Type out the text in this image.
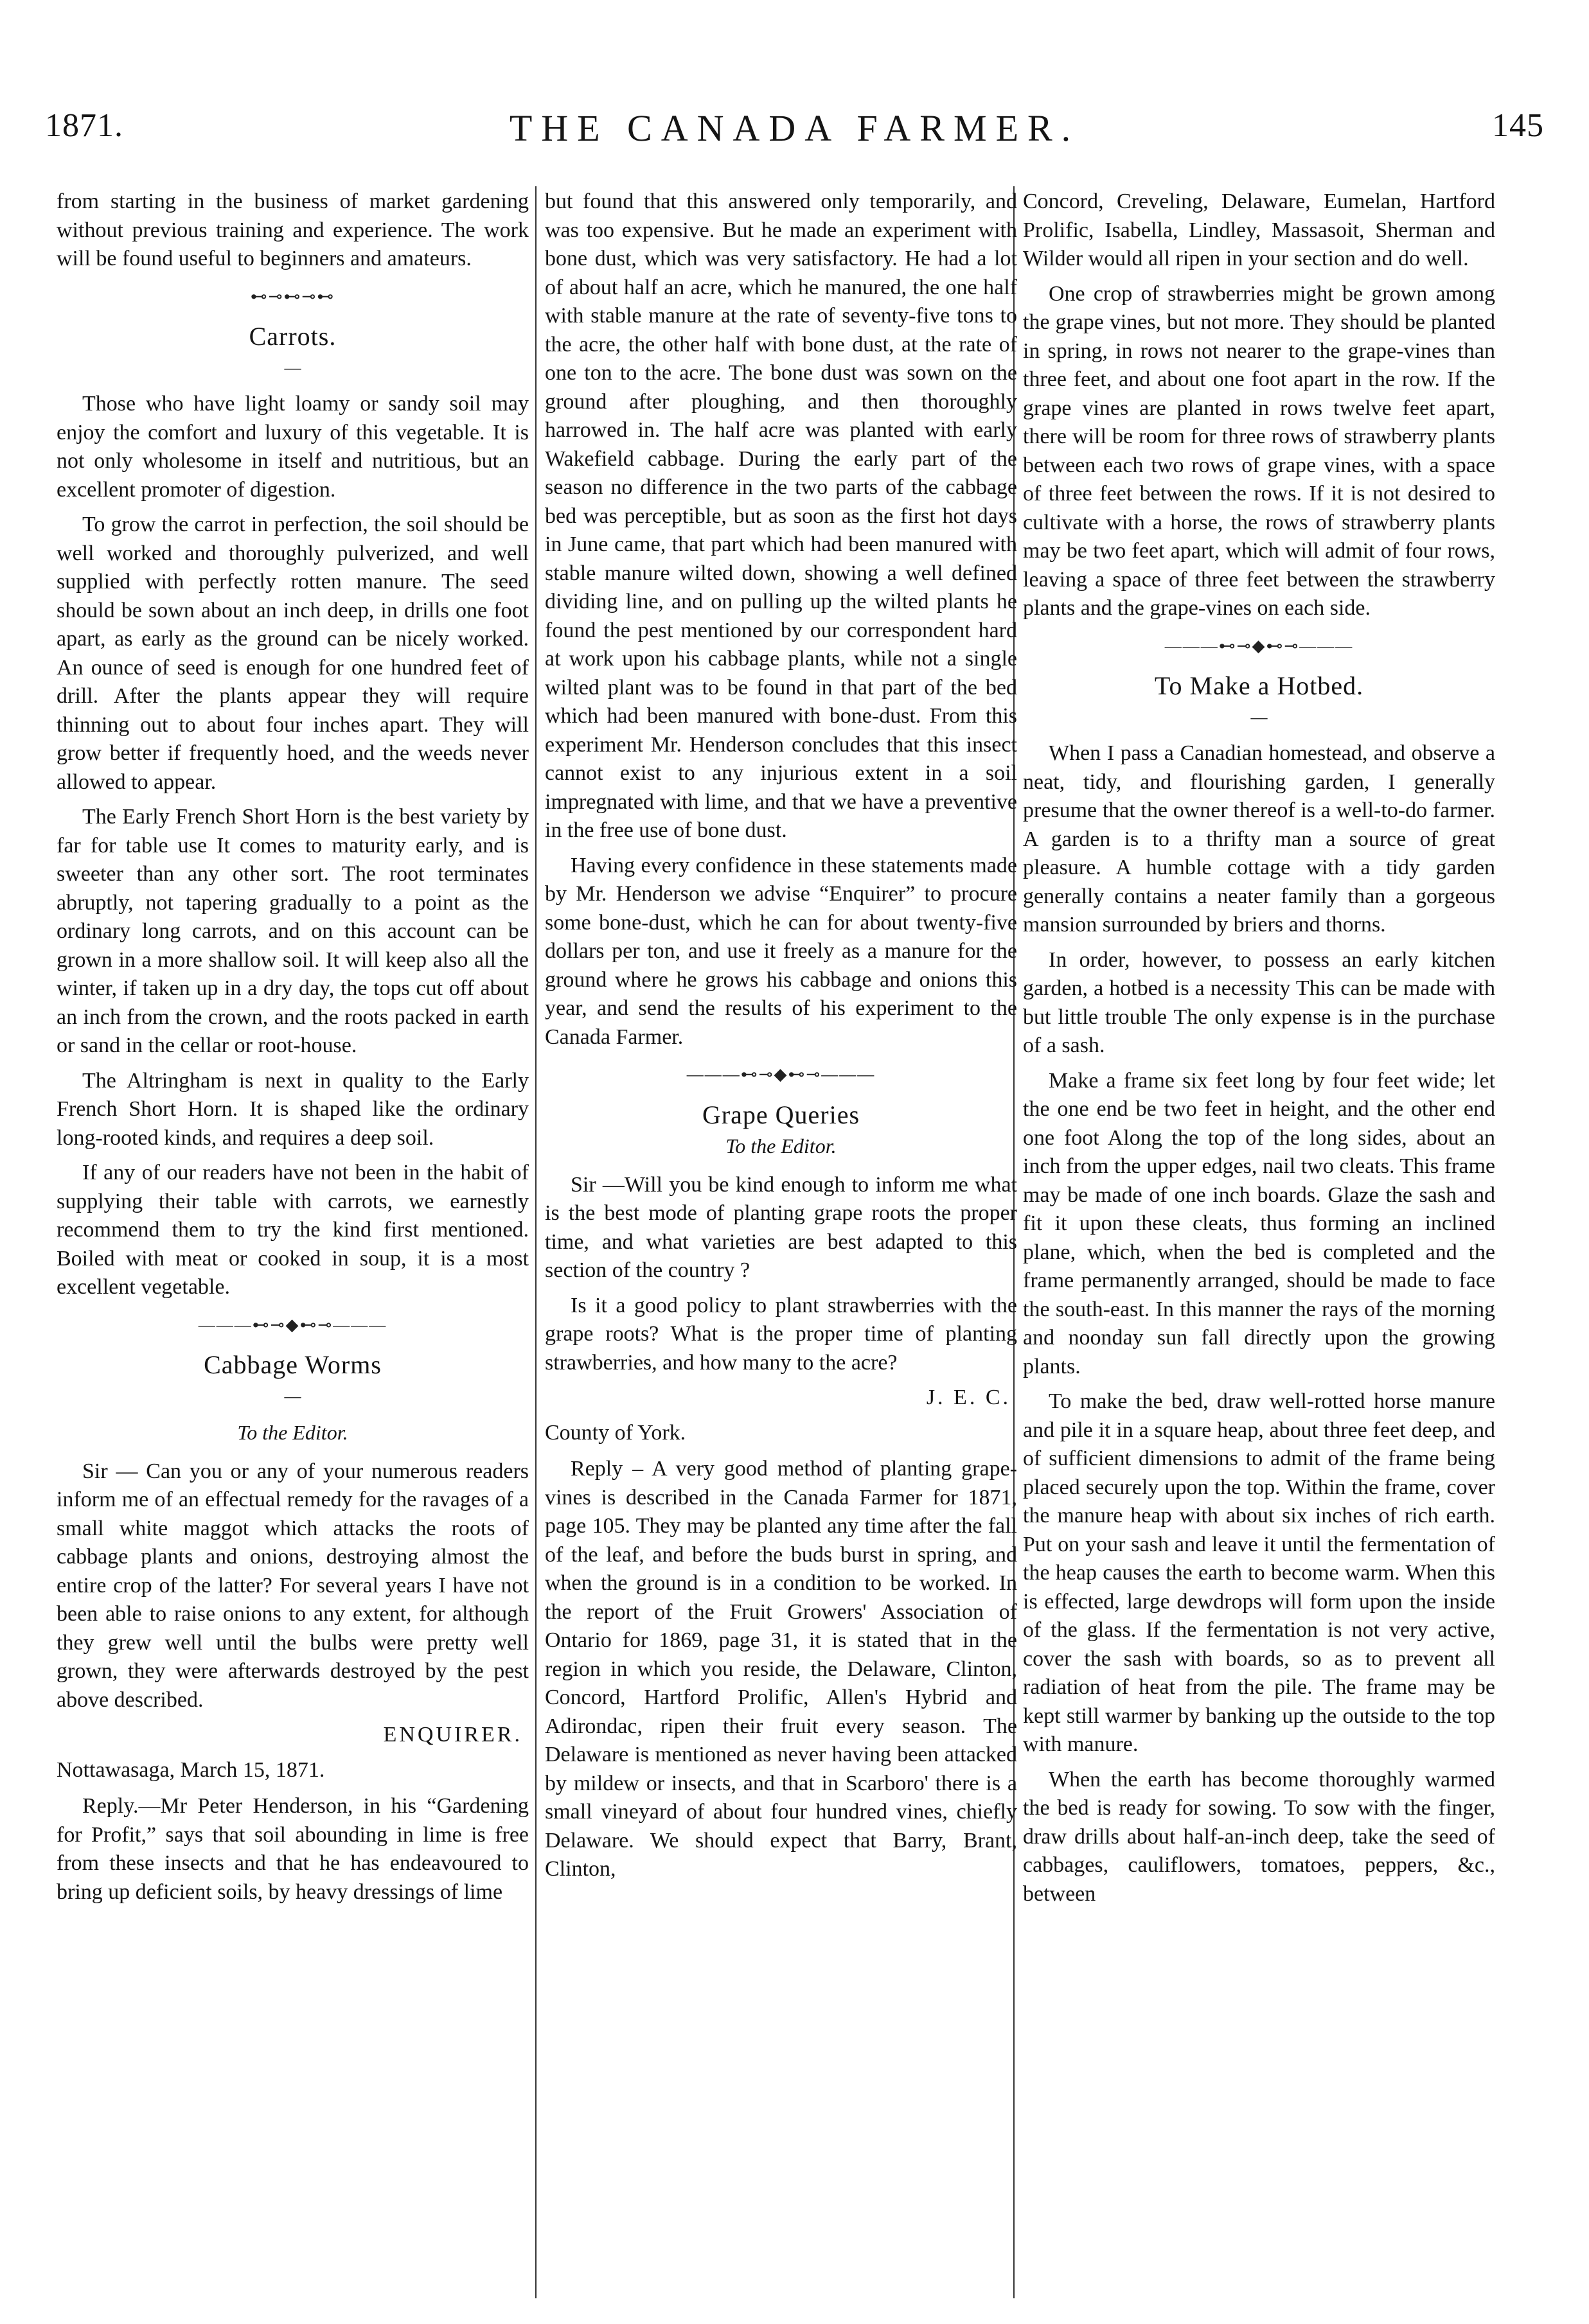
1871.	THE CANADA FARMER.	145

from starting in the business of market gardening without previous training and experience. The work will be found useful to beginners and amateurs.

⊷⊸⊷⊸⊷
Carrots.
—

Those who have light loamy or sandy soil may enjoy the comfort and luxury of this vegetable. It is not only wholesome in itself and nutritious, but an excellent promoter of digestion.

To grow the carrot in perfection, the soil should be well worked and thoroughly pulverized, and well supplied with perfectly rotten manure. The seed should be sown about an inch deep, in drills one foot apart, as early as the ground can be nicely worked. An ounce of seed is enough for one hundred feet of drill. After the plants appear they will require thinning out to about four inches apart. They will grow better if frequently hoed, and the weeds never allowed to appear.

The Early French Short Horn is the best variety by far for table use It comes to maturity early, and is sweeter than any other sort. The root terminates abruptly, not tapering gradually to a point as the ordinary long carrots, and on this account can be grown in a more shallow soil. It will keep also all the winter, if taken up in a dry day, the tops cut off about an inch from the crown, and the roots packed in earth or sand in the cellar or root-house.

The Altringham is next in quality to the Early French Short Horn. It is shaped like the ordinary long-rooted kinds, and requires a deep soil.

If any of our readers have not been in the habit of supplying their table with carrots, we earnestly recommend them to try the kind first mentioned. Boiled with meat or cooked in soup, it is a most excellent vegetable.

———⊷⊸◆⊷⊸———
Cabbage Worms
—
To the Editor.

Sir — Can you or any of your numerous readers inform me of an effectual remedy for the ravages of a small white maggot which attacks the roots of cabbage plants and onions, destroying almost the entire crop of the latter? For several years I have not been able to raise onions to any extent, for although they grew well until the bulbs were pretty well grown, they were afterwards destroyed by the pest above described.

ENQUIRER.
Nottawasaga, March 15, 1871.

Reply.—Mr Peter Henderson, in his “Gardening for Profit,” says that soil abounding in lime is free from these insects and that he has endeavoured to bring up deficient soils, by heavy dressings of lime

but found that this answered only temporarily, and was too expensive. But he made an experiment with bone dust, which was very satisfactory. He had a lot of about half an acre, which he manured, the one half with stable manure at the rate of seventy-five tons to the acre, the other half with bone dust, at the rate of one ton to the acre. The bone dust was sown on the ground after ploughing, and then thoroughly harrowed in. The half acre was planted with early Wakefield cabbage. During the early part of the season no difference in the two parts of the cabbage bed was perceptible, but as soon as the first hot days in June came, that part which had been manured with stable manure wilted down, showing a well defined dividing line, and on pulling up the wilted plants he found the pest mentioned by our correspondent hard at work upon his cabbage plants, while not a single wilted plant was to be found in that part of the bed which had been manured with bone-dust. From this experiment Mr. Henderson concludes that this insect cannot exist to any injurious extent in a soil impregnated with lime, and that we have a preventive in the free use of bone dust.

Having every confidence in these statements made by Mr. Henderson we advise “Enquirer” to procure some bone-dust, which he can for about twenty-five dollars per ton, and use it freely as a manure for the ground where he grows his cabbage and onions this year, and send the results of his experiment to the Canada Farmer.

———⊷⊸◆⊷⊸———
Grape Queries
To the Editor.

Sir —Will you be kind enough to inform me what is the best mode of planting grape roots the proper time, and what varieties are best adapted to this section of the country ?

Is it a good policy to plant strawberries with the grape roots? What is the proper time of planting strawberries, and how many to the acre?

J. E. C.
County of York.

Reply – A very good method of planting grape-vines is described in the Canada Farmer for 1871, page 105. They may be planted any time after the fall of the leaf, and before the buds burst in spring, and when the ground is in a condition to be worked. In the report of the Fruit Growers' Association of Ontario for 1869, page 31, it is stated that in the region in which you reside, the Delaware, Clinton, Concord, Hartford Prolific, Allen's Hybrid and Adirondac, ripen their fruit every season. The Delaware is mentioned as never having been attacked by mildew or insects, and that in Scarboro' there is a small vineyard of about four hundred vines, chiefly Delaware. We should expect that Barry, Brant, Clinton,

Concord, Creveling, Delaware, Eumelan, Hartford Prolific, Isabella, Lindley, Massasoit, Sherman and Wilder would all ripen in your section and do well.

One crop of strawberries might be grown among the grape vines, but not more. They should be planted in spring, in rows not nearer to the grape-vines than three feet, and about one foot apart in the row. If the grape vines are planted in rows twelve feet apart, there will be room for three rows of strawberry plants between each two rows of grape vines, with a space of three feet between the rows. If it is not desired to cultivate with a horse, the rows of strawberry plants may be two feet apart, which will admit of four rows, leaving a space of three feet between the strawberry plants and the grape-vines on each side.

———⊷⊸◆⊷⊸———
To Make a Hotbed.
—

When I pass a Canadian homestead, and observe a neat, tidy, and flourishing garden, I generally presume that the owner thereof is a well-to-do farmer. A garden is to a thrifty man a source of great pleasure. A humble cottage with a tidy garden generally contains a neater family than a gorgeous mansion surrounded by briers and thorns.

In order, however, to possess an early kitchen garden, a hotbed is a necessity This can be made with but little trouble The only expense is in the purchase of a sash.

Make a frame six feet long by four feet wide; let the one end be two feet in height, and the other end one foot Along the top of the long sides, about an inch from the upper edges, nail two cleats. This frame may be made of one inch boards. Glaze the sash and fit it upon these cleats, thus forming an inclined plane, which, when the bed is completed and the frame permanently arranged, should be made to face the south-east. In this manner the rays of the morning and noonday sun fall directly upon the growing plants.

To make the bed, draw well-rotted horse manure and pile it in a square heap, about three feet deep, and of sufficient dimensions to admit of the frame being placed securely upon the top. Within the frame, cover the manure heap with about six inches of rich earth. Put on your sash and leave it until the fermentation of the heap causes the earth to become warm. When this is effected, large dewdrops will form upon the inside of the glass. If the fermentation is not very active, cover the sash with boards, so as to prevent all radiation of heat from the pile. The frame may be kept still warmer by banking up the outside to the top with manure.

When the earth has become thoroughly warmed the bed is ready for sowing. To sow with the finger, draw drills about half-an-inch deep, take the seed of cabbages, cauliflowers, tomatoes, peppers, &c., between
